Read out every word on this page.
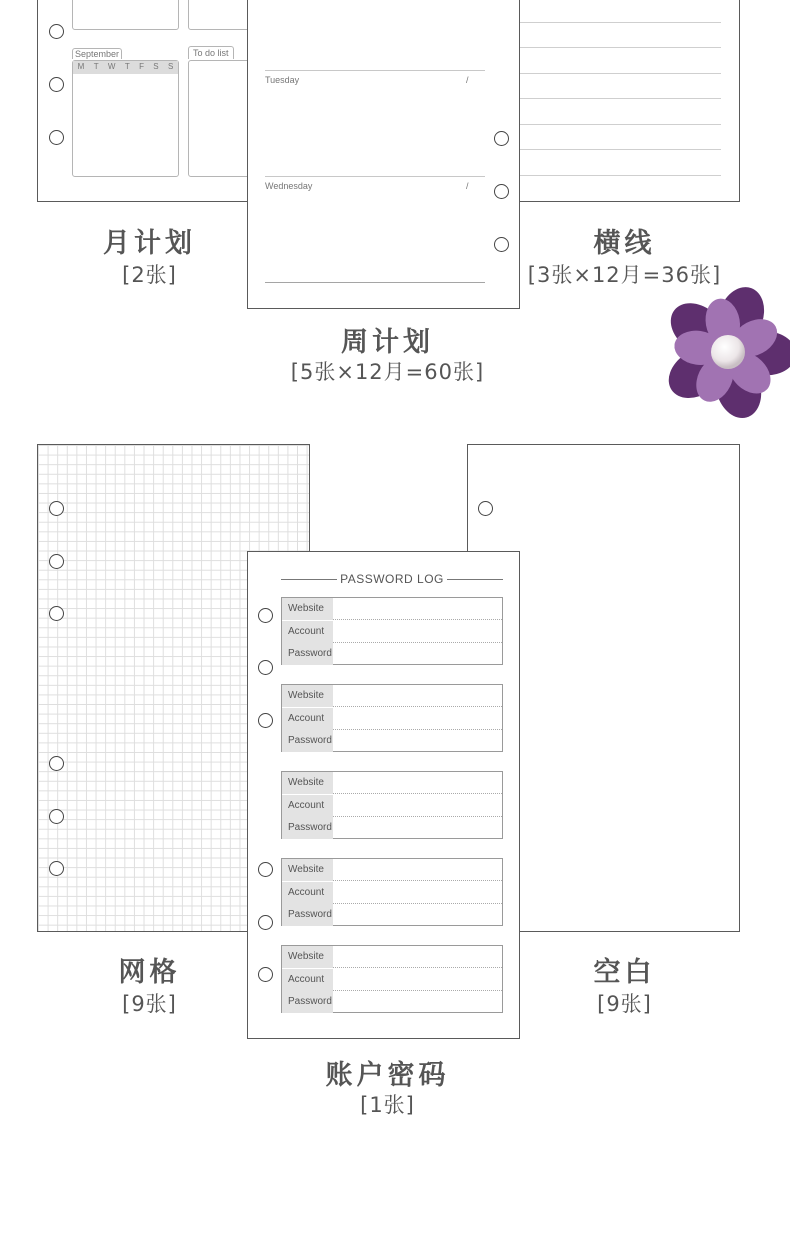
M T W T F S S
September	To do list
月计划
[2张]
横线
[3张×12月=36张]
Tuesday	/
Wednesday	/
周计划
[5张×12月=60张]
网格
[9张]
空白
[9张]
PASSWORD LOG
Website
Account
Password
Website
Account
Password
Website
Account
Password
Website
Account
Password
Website
Account
Password
账户密码
[1张]
